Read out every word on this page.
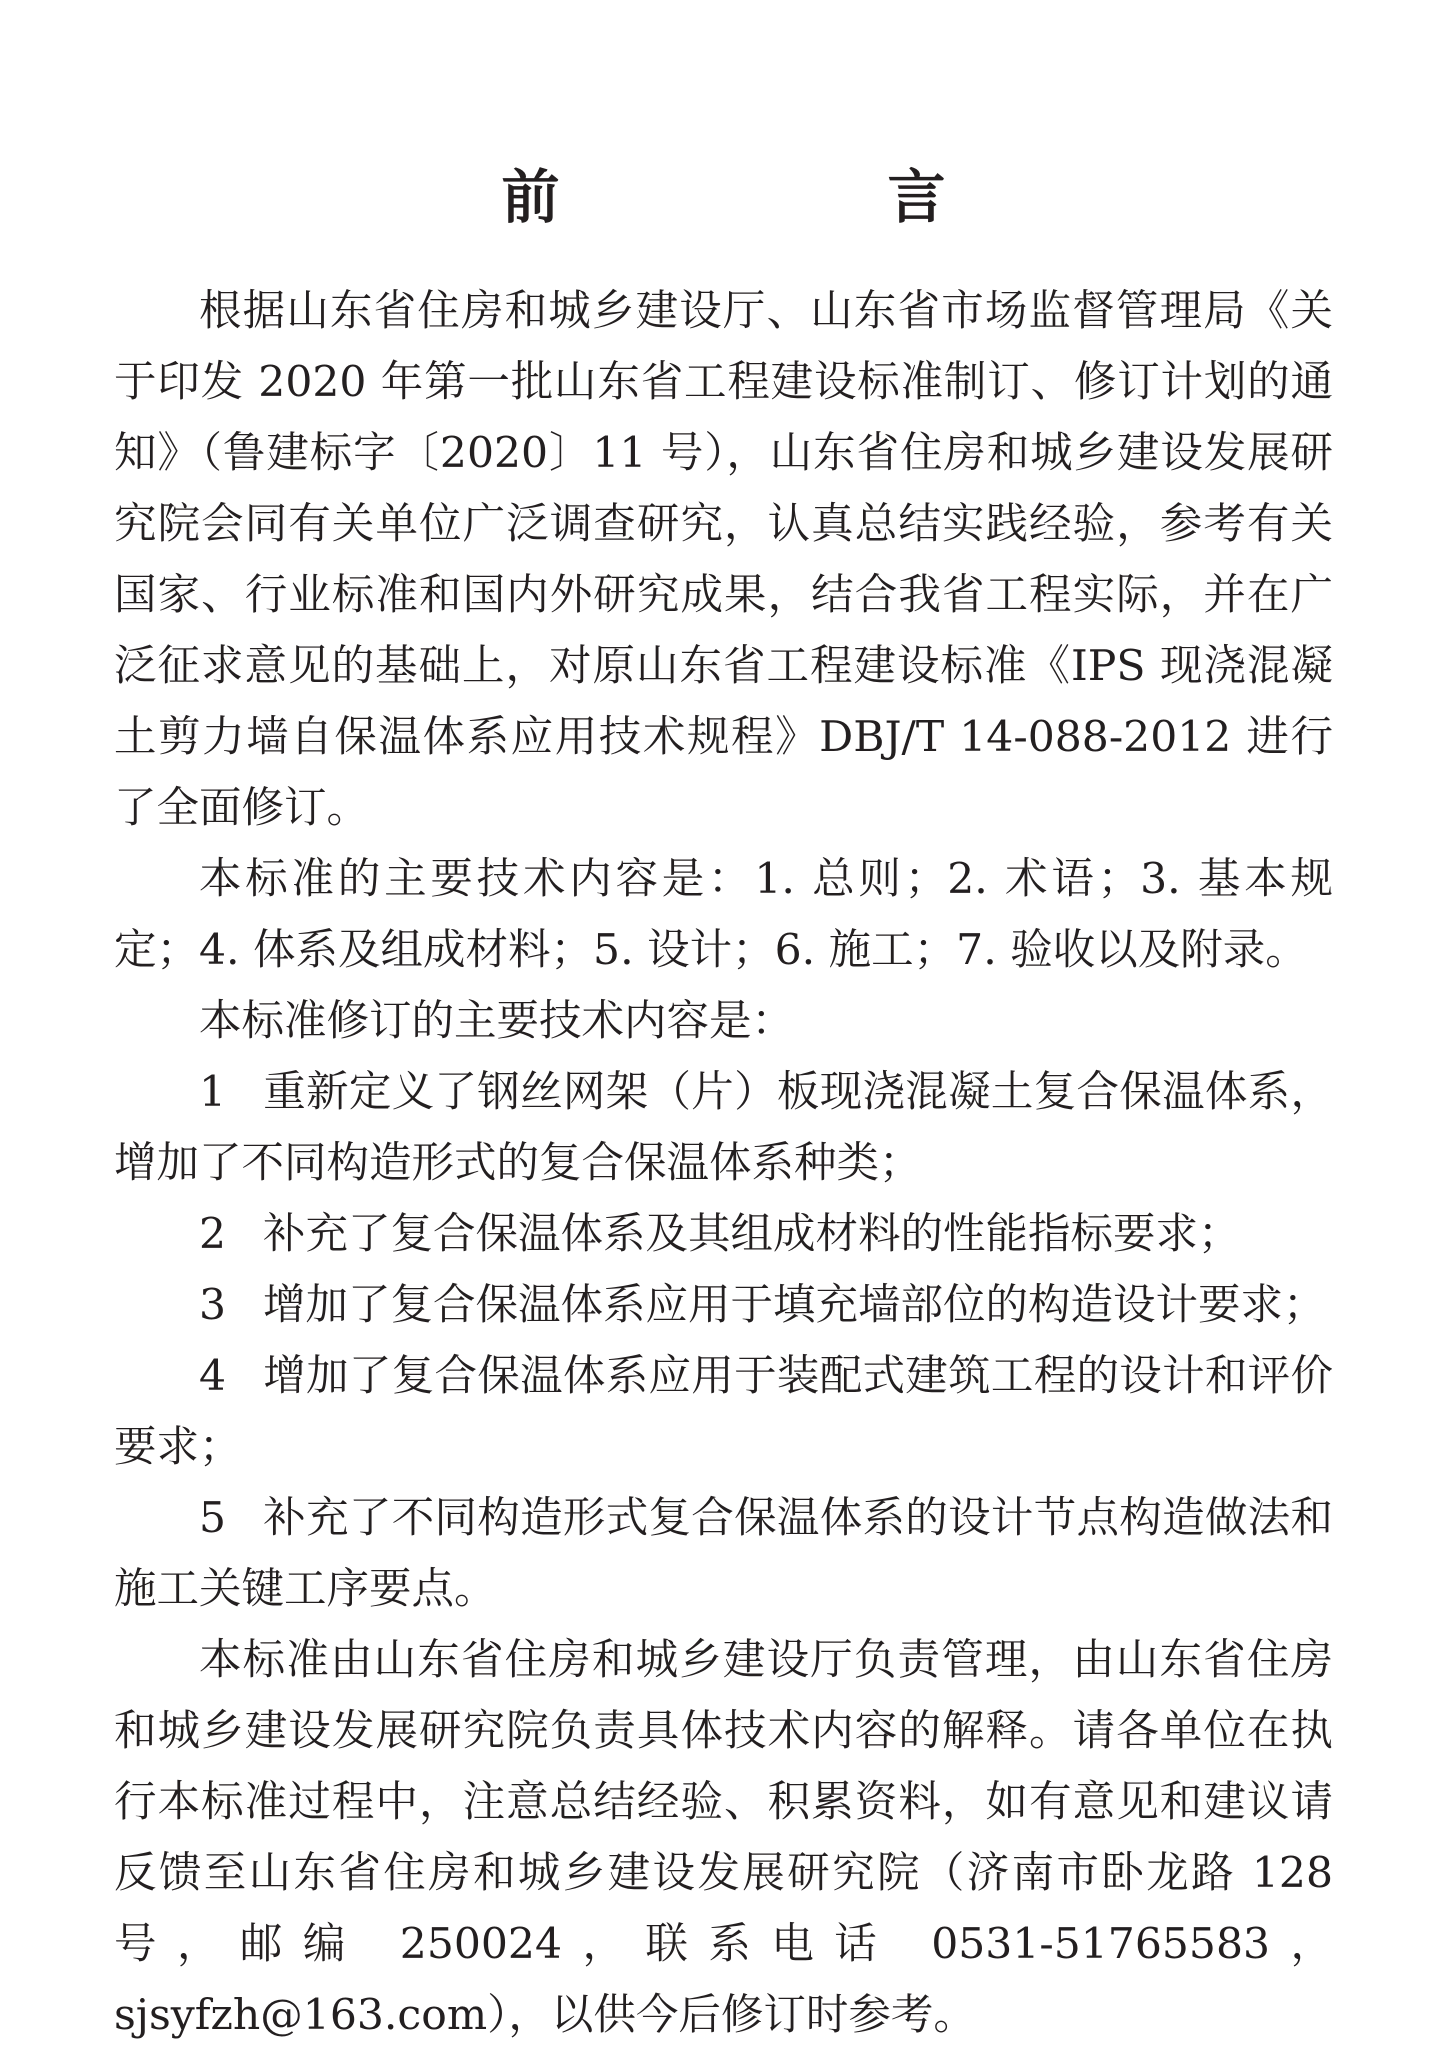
前　言

根据山东省住房和城乡建设厅、山东省市场监督管理局《关于印发 2020 年第一批山东省工程建设标准制订、修订计划的通知》（鲁建标字〔2020〕11 号），山东省住房和城乡建设发展研究院会同有关单位广泛调查研究，认真总结实践经验，参考有关国家、行业标准和国内外研究成果，结合我省工程实际，并在广泛征求意见的基础上，对原山东省工程建设标准《IPS 现浇混凝土剪力墙自保温体系应用技术规程》DBJ/T 14-088-2012 进行了全面修订。

本标准的主要技术内容是：1. 总则；2. 术语；3. 基本规定；4. 体系及组成材料；5. 设计；6. 施工；7. 验收以及附录。

本标准修订的主要技术内容是：

1 重新定义了钢丝网架（片）板现浇混凝土复合保温体系，增加了不同构造形式的复合保温体系种类；

2 补充了复合保温体系及其组成材料的性能指标要求；

3 增加了复合保温体系应用于填充墙部位的构造设计要求；

4 增加了复合保温体系应用于装配式建筑工程的设计和评价要求；

5 补充了不同构造形式复合保温体系的设计节点构造做法和施工关键工序要点。

本标准由山东省住房和城乡建设厅负责管理，由山东省住房和城乡建设发展研究院负责具体技术内容的解释。请各单位在执行本标准过程中，注意总结经验、积累资料，如有意见和建议请反馈至山东省住房和城乡建设发展研究院（济南市卧龙路 128 号，邮编 250024，联系电话 0531-51765583，sjsyfzh@163.com），以供今后修订时参考。
